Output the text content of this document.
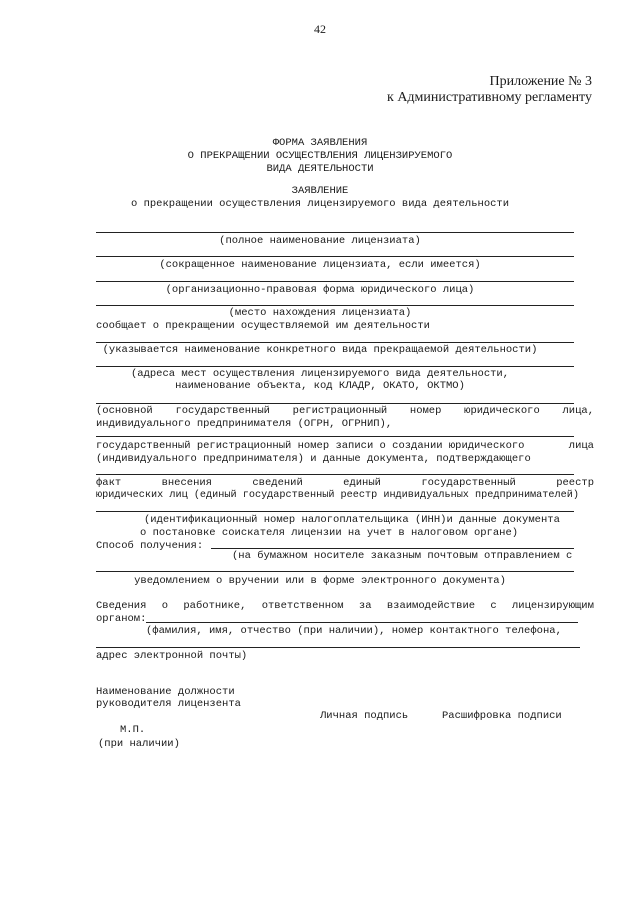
42
Приложение № 3
к Административному регламенту
ФОРМА ЗАЯВЛЕНИЯ
О ПРЕКРАЩЕНИИ ОСУЩЕСТВЛЕНИЯ ЛИЦЕНЗИРУЕМОГО
ВИДА ДЕЯТЕЛЬНОСТИ
ЗАЯВЛЕНИЕ
о прекращении осуществления лицензируемого вида деятельности
(полное наименование лицензиата)
(сокращенное наименование лицензиата, если имеется)
(организационно-правовая форма юридического лица)
(место нахождения лицензиата)
сообщает о прекращении осуществляемой им деятельности
(указывается наименование конкретного вида прекращаемой деятельности)
(адреса мест осуществления лицензируемого вида деятельности,
наименование объекта, код КЛАДР, ОКАТО, ОКТМО)
(основной государственный регистрационный номер юридического лица,
индивидуального предпринимателя (ОГРН, ОГРНИП),
государственный регистрационный номер записи о создании юридического	лица
(индивидуального предпринимателя) и данные документа, подтверждающего
факт	внесения	сведений	единый	государственный	реестр
юридических лиц (единый государственный реестр индивидуальных предпринимателей)
(идентификационный номер налогоплательщика (ИНН)и данные документа
о постановке соискателя лицензии на учет в налоговом органе)
Способ получения:
(на бумажном носителе заказным почтовым отправлением с
уведомлением о вручении или в форме электронного документа)
Сведения о работнике, ответственном за взаимодействие с лицензирующим
органом:
(фамилия, имя, отчество (при наличии), номер контактного телефона,
адрес электронной почты)
Наименование должности
руководителя лицензента
Личная подпись	Расшифровка подписи
М.П.
(при наличии)
